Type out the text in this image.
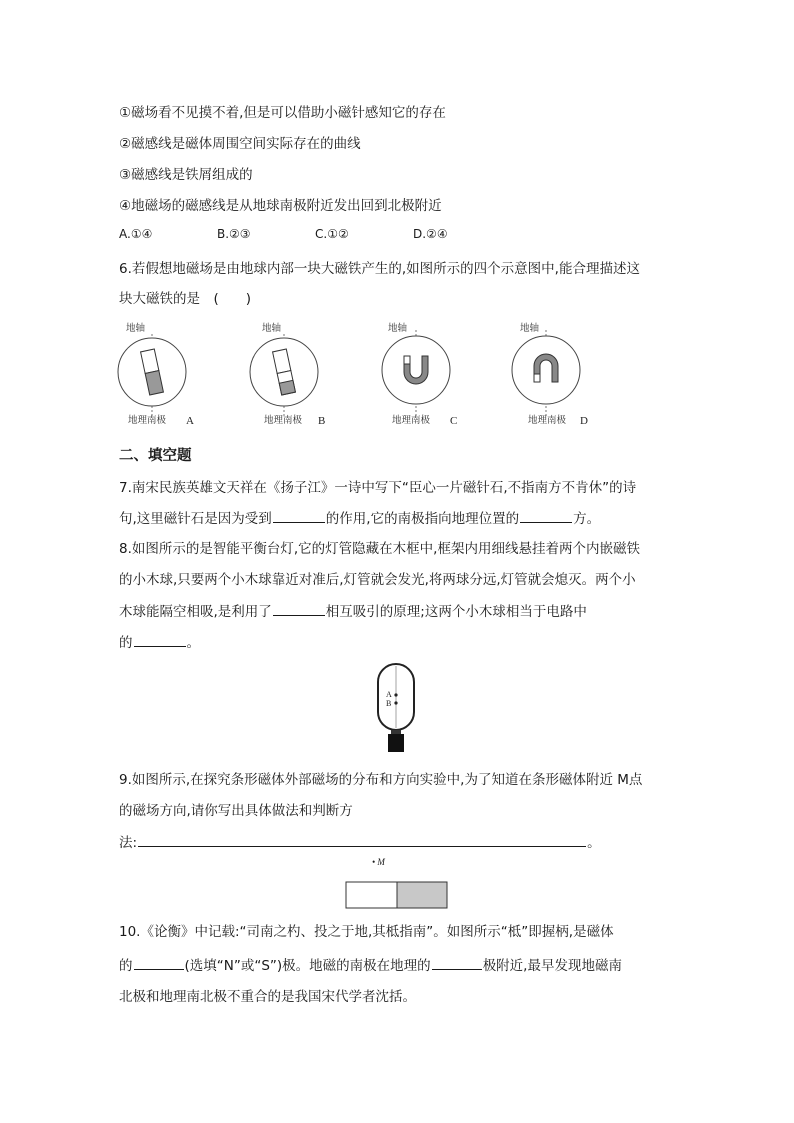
①磁场看不见摸不着,但是可以借助小磁针感知它的存在
②磁感线是磁体周围空间实际存在的曲线
③磁感线是铁屑组成的
④地磁场的磁感线是从地球南极附近发出回到北极附近
A.①④	B.②③	C.①②	D.②④
6.若假想地磁场是由地球内部一块大磁铁产生的,如图所示的四个示意图中,能合理描述这
块大磁铁的是　(　　)
地轴
地理南极 A
地轴
地理南极 B
地轴
地理南极 C
地轴
地理南极 D
二、填空题
7.南宋民族英雄文天祥在《扬子江》一诗中写下“臣心一片磁针石,不指南方不肯休”的诗
句,这里磁针石是因为受到	的作用,它的南极指向地理位置的	方。
8.如图所示的是智能平衡台灯,它的灯管隐藏在木框中,框架内用细线悬挂着两个内嵌磁铁
的小木球,只要两个小木球靠近对准后,灯管就会发光,将两球分远,灯管就会熄灭。两个小
木球能隔空相吸,是利用了	相互吸引的原理;这两个小木球相当于电路中
的	。
A
B
9.如图所示,在探究条形磁体外部磁场的分布和方向实验中,为了知道在条形磁体附近 M点
的磁场方向,请你写出具体做法和判断方
法:	。
• M
10.《论衡》中记载:“司南之杓、投之于地,其柢指南”。如图所示“柢”即握柄,是磁体
的	(选填“N”或“S”)极。地磁的南极在地理的	极附近,最早发现地磁南
北极和地理南北极不重合的是我国宋代学者沈括。
